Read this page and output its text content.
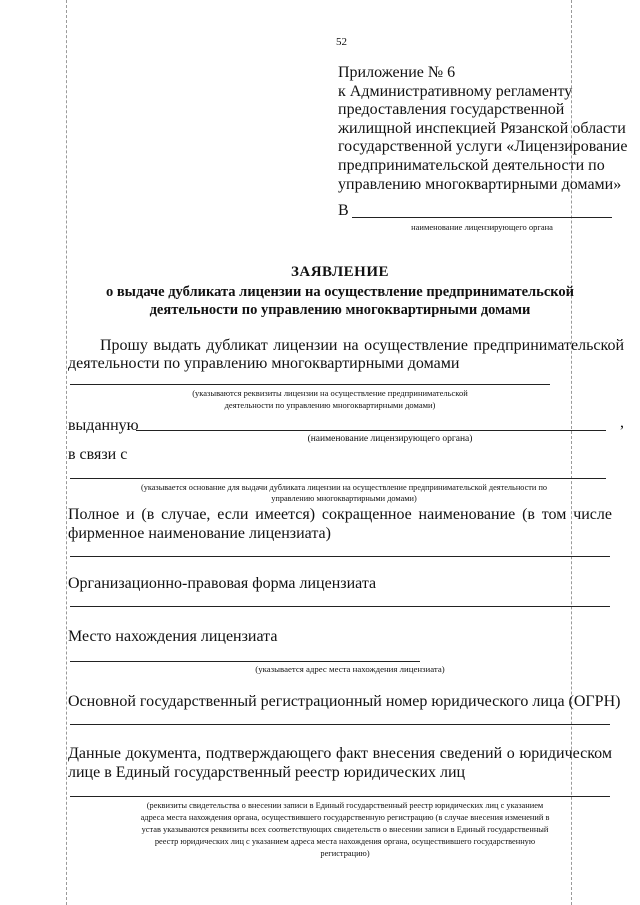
52
Приложение № 6
к Административному регламенту
предоставления государственной
жилищной инспекцией Рязанской области
государственной услуги «Лицензирование
предпринимательской деятельности по
управлению многоквартирными домами»
В
наименование лицензирующего органа
ЗАЯВЛЕНИЕ
о выдаче дубликата лицензии на осуществление предпринимательской
деятельности по управлению многоквартирными домами
Прошу выдать дубликат лицензии на осуществление предпринимательской
деятельности по управлению многоквартирными домами
(указываются реквизиты лицензии на осуществление предпринимательской
деятельности по управлению многоквартирными домами)
выданную	,
(наименование лицензирующего органа)
в связи с
(указывается основание для выдачи дубликата лицензии на осуществление предпринимательской деятельности по
управлению многоквартирными домами)
Полное и (в случае, если имеется) сокращенное наименование (в том числе
фирменное наименование лицензиата)
Организационно-правовая форма лицензиата
Место нахождения лицензиата
(указывается адрес места нахождения лицензиата)
Основной государственный регистрационный номер юридического лица (ОГРН)
Данные документа, подтверждающего факт внесения сведений о юридическом
лице в Единый государственный реестр юридических лиц
(реквизиты свидетельства о внесении записи в Единый государственный реестр юридических лиц с указанием
адреса места нахождения органа, осуществившего государственную регистрацию (в случае внесения изменений в
устав указываются реквизиты всех соответствующих свидетельств о внесении записи в Единый государственный
реестр юридических лиц с указанием адреса места нахождения органа, осуществившего государственную
регистрацию)
